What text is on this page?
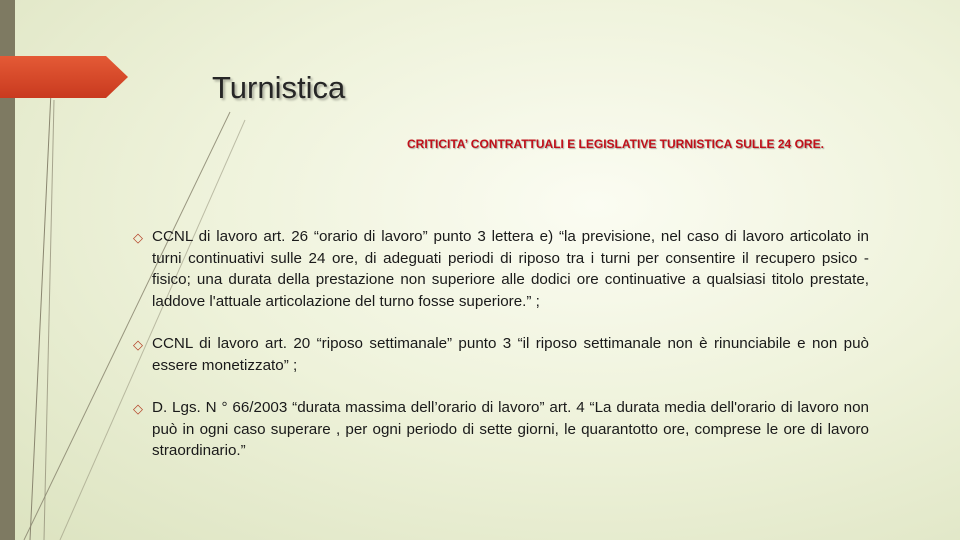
Turnistica
CRITICITA’ CONTRATTUALI E LEGISLATIVE TURNISTICA SULLE 24 ORE.
◇ CCNL di lavoro art. 26 “orario di lavoro” punto 3 lettera e) “la previsione, nel caso di lavoro articolato in turni continuativi sulle 24 ore, di adeguati periodi di riposo tra i turni per consentire il recupero psico - fisico; una durata della prestazione non superiore alle dodici ore continuative a qualsiasi titolo prestate, laddove l'attuale articolazione del turno fosse superiore.” ;
◇ CCNL di lavoro art. 20 “riposo settimanale” punto 3 “il riposo settimanale non è rinunciabile e non può essere monetizzato” ;
◇ D. Lgs. N ° 66/2003 “durata massima dell’orario di lavoro” art. 4 “La durata media dell'orario di lavoro non può in ogni caso superare , per ogni periodo di sette giorni, le quarantotto ore, comprese le ore di lavoro straordinario.”
